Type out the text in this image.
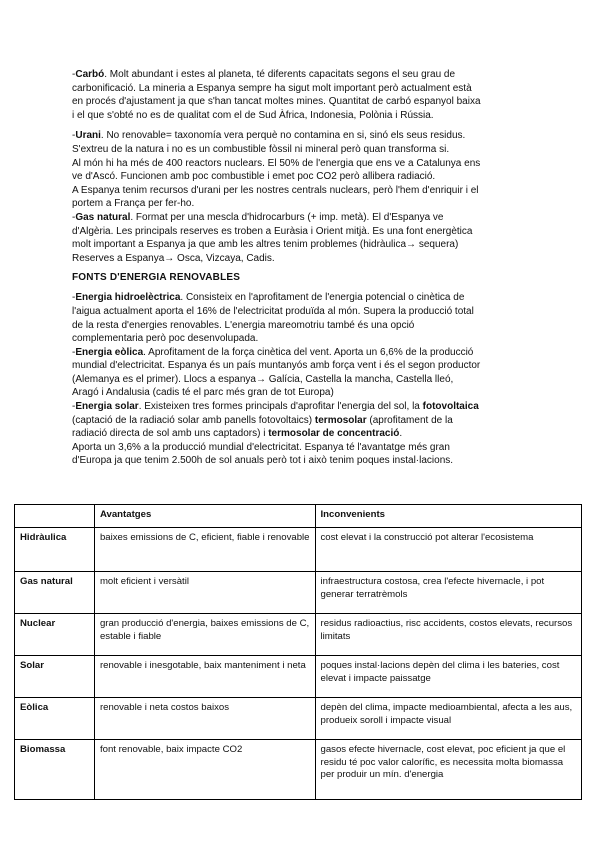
-Carbó. Molt abundant i estes al planeta, té diferents capacitats segons el seu grau de
carbonificació. La mineria a Espanya sempre ha sigut molt important però actualment està
en procés d'ajustament ja que s'han tancat moltes mines. Quantitat de carbó espanyol baixa
i el que s'obté no es de qualitat com el de Sud Àfrica, Indonesia, Polònia i Rússia.

-Urani. No renovable= taxonomía vera perquè no contamina en si, sinó els seus residus.
S'extreu de la natura i no es un combustible fòssil ni mineral però quan transforma si.
Al món hi ha més de 400 reactors nuclears. El 50% de l'energia que ens ve a Catalunya ens
ve d'Ascó. Funcionen amb poc combustible i emet poc CO2 però allibera radiació.
A Espanya tenim recursos d'urani per les nostres centrals nuclears, però l'hem d'enriquir i el
portem a França per fer-ho.

-Gas natural. Format per una mescla d'hidrocarburs (+ imp. metà). El d'Espanya ve
d'Algèria. Les principals reserves es troben a Euràsia i Orient mitjà. Es una font energètica
molt important a Espanya ja que amb les altres tenim problemes (hidràulica→ sequera)
Reserves a Espanya→ Osca, Vizcaya, Cadis.

FONTS D'ENERGIA RENOVABLES

-Energia hidroelèctrica. Consisteix en l'aprofitament de l'energia potencial o cinètica de
l'aigua actualment aporta el 16% de l'electricitat produïda al món. Supera la producció total
de la resta d'energies renovables. L'energia mareomotriu també és una opció
complementaria però poc desenvolupada.

-Energia eòlica. Aprofitament de la força cinètica del vent. Aporta un 6,6% de la producció
mundial d'electricitat. Espanya és un país muntanyós amb força vent i és el segon productor
(Alemanya es el primer). Llocs a espanya→ Galícia, Castella la mancha, Castella lleó,
Aragó i Andalusia (cadis té el parc més gran de tot Europa)

-Energia solar. Existeixen tres formes principals d'aprofitar l'energia del sol, la fotovoltaica
(captació de la radiació solar amb panells fotovoltaics) termosolar (aprofitament de la
radiació directa de sol amb uns captadors) i termosolar de concentració.
Aporta un 3,6% a la producció mundial d'electricitat. Espanya té l'avantatge més gran
d'Europa ja que tenim 2.500h de sol anuals però tot i això tenim poques instal·lacions.

	Avantatges	Inconvenients
Hidràulica	baixes emissions de C, eficient, fiable i renovable	cost elevat i la construcció pot alterar l'ecosistema
Gas natural	molt eficient i versàtil	infraestructura costosa, crea l'efecte hivernacle, i pot generar terratrèmols
Nuclear	gran producció d'energia, baixes emissions de C, estable i fiable	residus radioactius, risc accidents, costos elevats, recursos limitats
Solar	renovable i inesgotable, baix manteniment i neta	poques instal·lacions depèn del clima i les bateries, cost elevat i impacte paissatge
Eòlica	renovable i neta costos baixos	depèn del clima, impacte medioambiental, afecta a les aus, produeix soroll i impacte visual
Biomassa	font renovable, baix impacte CO2	gasos efecte hivernacle, cost elevat, poc eficient ja que el residu té poc valor calorífic, es necessita molta biomassa per produir un mín. d'energia
